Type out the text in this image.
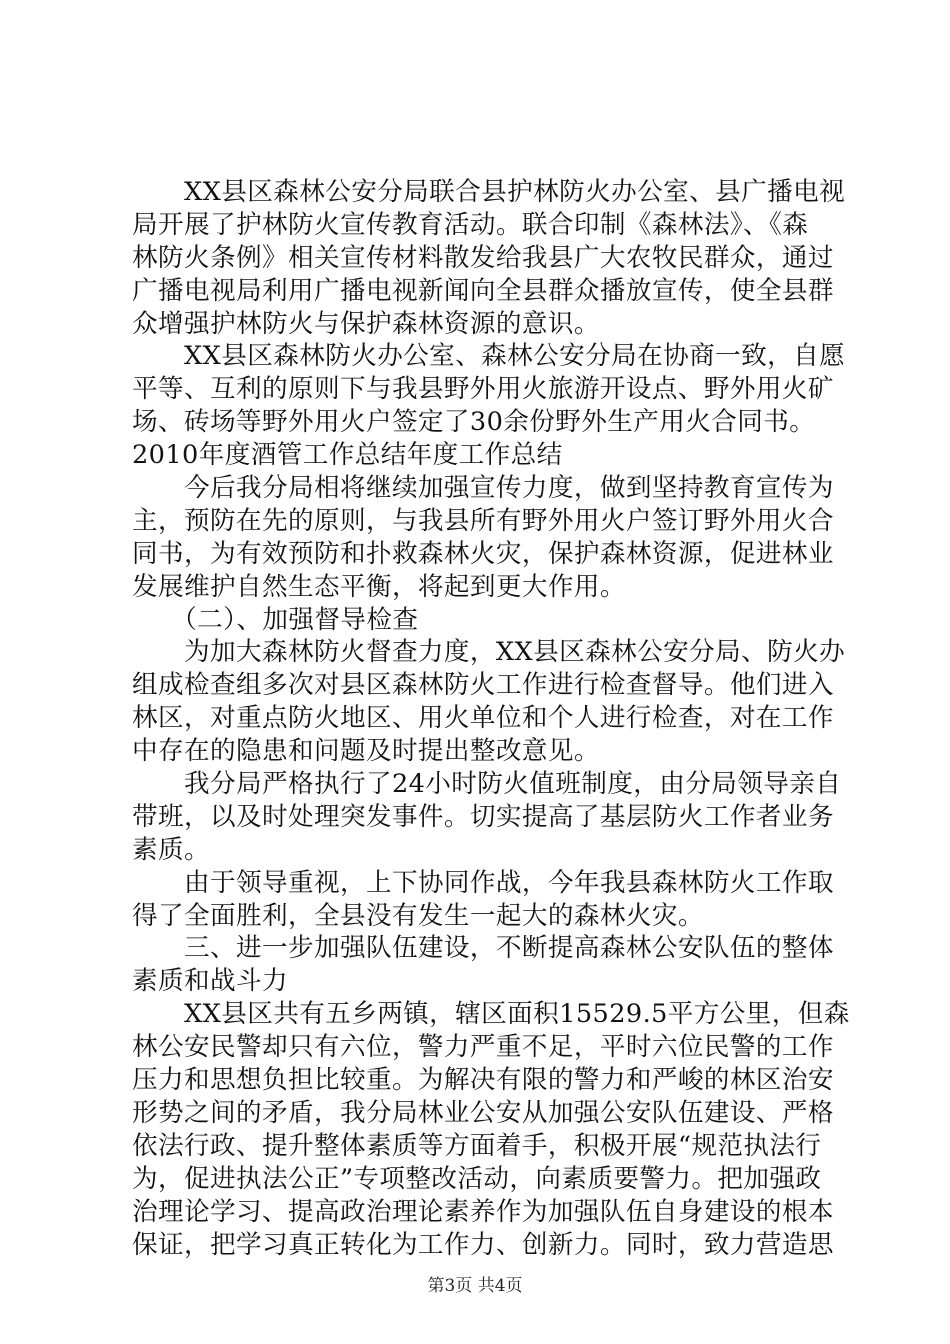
　　XX县区森林公安分局联合县护林防火办公室、县广播电视
局开展了护林防火宣传教育活动。联合印制《森林法》、《森
林防火条例》相关宣传材料散发给我县广大农牧民群众，通过
广播电视局利用广播电视新闻向全县群众播放宣传，使全县群
众增强护林防火与保护森林资源的意识。
　　XX县区森林防火办公室、森林公安分局在协商一致，自愿
平等、互利的原则下与我县野外用火旅游开设点、野外用火矿
场、砖场等野外用火户签定了30余份野外生产用火合同书。
2010年度酒管工作总结年度工作总结
　　今后我分局相将继续加强宣传力度，做到坚持教育宣传为
主，预防在先的原则，与我县所有野外用火户签订野外用火合
同书，为有效预防和扑救森林火灾，保护森林资源，促进林业
发展维护自然生态平衡，将起到更大作用。
　　（二）、加强督导检查
　　为加大森林防火督查力度，XX县区森林公安分局、防火办
组成检查组多次对县区森林防火工作进行检查督导。他们进入
林区，对重点防火地区、用火单位和个人进行检查，对在工作
中存在的隐患和问题及时提出整改意见。
　　我分局严格执行了24小时防火值班制度，由分局领导亲自
带班，以及时处理突发事件。切实提高了基层防火工作者业务
素质。
　　由于领导重视，上下协同作战，今年我县森林防火工作取
得了全面胜利，全县没有发生一起大的森林火灾。
　　三、进一步加强队伍建设，不断提高森林公安队伍的整体
素质和战斗力
　　XX县区共有五乡两镇，辖区面积15529.5平方公里，但森
林公安民警却只有六位，警力严重不足，平时六位民警的工作
压力和思想负担比较重。为解决有限的警力和严峻的林区治安
形势之间的矛盾，我分局林业公安从加强公安队伍建设、严格
依法行政、提升整体素质等方面着手，积极开展“规范执法行
为，促进执法公正”专项整改活动，向素质要警力。把加强政
治理论学习、提高政治理论素养作为加强队伍自身建设的根本
保证，把学习真正转化为工作力、创新力。同时，致力营造思
第3页 共4页
